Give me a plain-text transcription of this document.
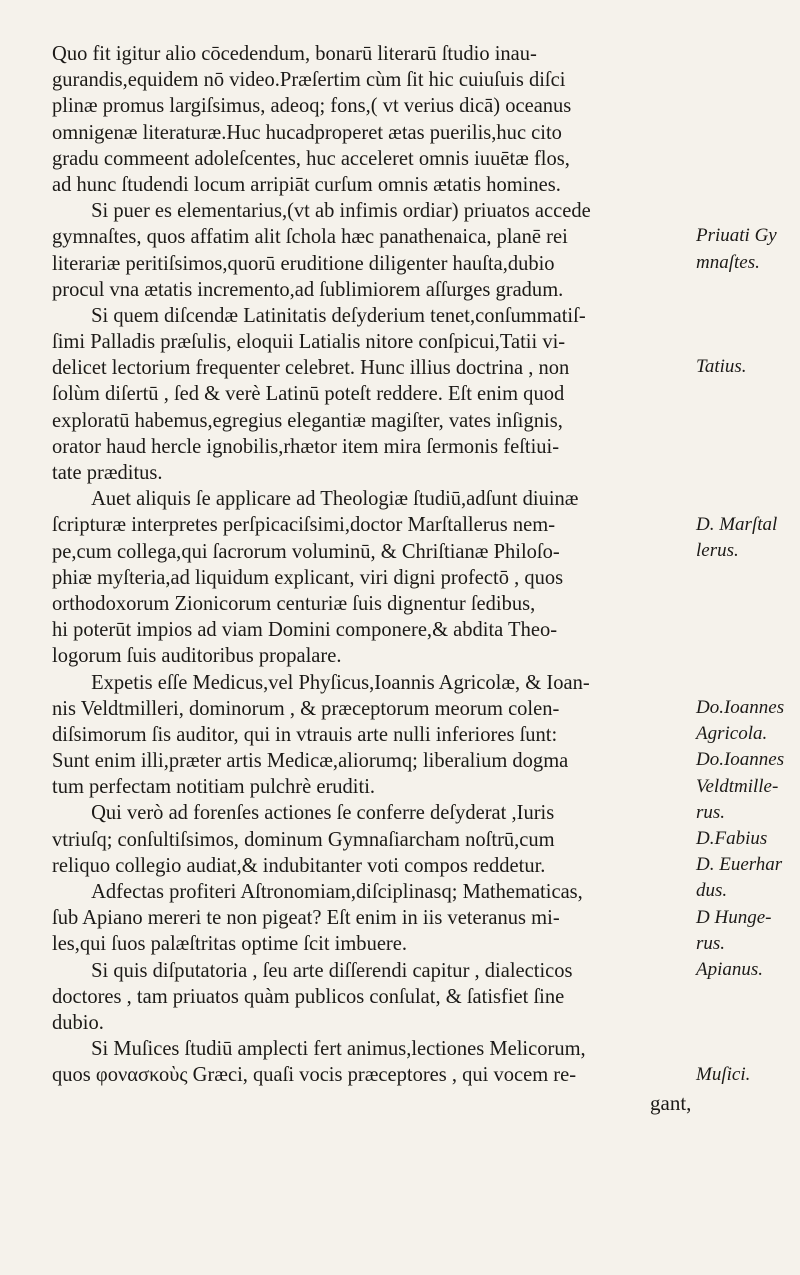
Quo fit igitur alio cōcedendum, bonarū literarū ſtudio inau-
gurandis,equidem nō video.Præſertim cùm ſit hic cuiuſuis diſci
plinæ promus largiſsimus, adeoq; fons,( vt verius dicā) oceanus
omnigenæ literaturæ.Huc hucadproperet ætas puerilis,huc cito
gradu commeent adoleſcentes, huc acceleret omnis iuuētæ flos,
ad hunc ſtudendi locum arripiāt curſum omnis ætatis homines.
Si puer es elementarius,(vt ab infimis ordiar) priuatos accede
gymnaſtes, quos affatim alit ſchola hæc panathenaica, planē rei
literariæ peritiſsimos,quorū eruditione diligenter hauſta,dubio
procul vna ætatis incremento,ad ſublimiorem aſſurges gradum.
Si quem diſcendæ Latinitatis deſyderium tenet,conſummatiſ-
ſimi Palladis præſulis, eloquii Latialis nitore conſpicui,Tatii vi-
delicet lectorium frequenter celebret. Hunc illius doctrina , non
ſolùm diſertū , ſed & verè Latinū poteſt reddere. Eſt enim quod
exploratū habemus,egregius elegantiæ magiſter, vates inſignis,
orator haud hercle ignobilis,rhætor item mira ſermonis feſtiui-
tate præditus.
Auet aliquis ſe applicare ad Theologiæ ſtudiū,adſunt diuinæ
ſcripturæ interpretes perſpicaciſsimi,doctor Marſtallerus nem-
pe,cum collega,qui ſacrorum voluminū, & Chriſtianæ Philoſo-
phiæ myſteria,ad liquidum explicant, viri digni profectō , quos
orthodoxorum Zionicorum centuriæ ſuis dignentur ſedibus,
hi poterūt impios ad viam Domini componere,& abdita Theo-
logorum ſuis auditoribus propalare.
Expetis eſſe Medicus,vel Phyſicus,Ioannis Agricolæ, & Ioan-
nis Veldtmilleri, dominorum , & præceptorum meorum colen-
diſsimorum ſis auditor, qui in vtrauis arte nulli inferiores ſunt:
Sunt enim illi,præter artis Medicæ,aliorumq; liberalium dogma
tum perfectam notitiam pulchrè eruditi.
Qui verò ad forenſes actiones ſe conferre deſyderat ,Iuris
vtriuſq; conſultiſsimos, dominum Gymnaſiarcham noſtrū,cum
reliquo collegio audiat,& indubitanter voti compos reddetur.
Adfectas profiteri Aſtronomiam,diſciplinasq; Mathematicas,
ſub Apiano mereri te non pigeat? Eſt enim in iis veteranus mi-
les,qui ſuos palæſtritas optime ſcit imbuere.
Si quis diſputatoria , ſeu arte diſſerendi capitur , dialecticos
doctores , tam priuatos quàm publicos conſulat, & ſatisfiet ſine
dubio.
Si Muſices ſtudiū amplecti fert animus,lectiones Melicorum,
quos φονασκοὺς Græci, quaſi vocis præceptores , qui vocem re-
Priuati Gy
mnaſtes.
Tatius.
D. Marſtal
lerus.
Do.Ioannes
Agricola.
Do.Ioannes
Veldtmille-
rus.
D.Fabius
D. Euerhar
dus.
D Hunge-
rus.
Apianus.
Muſici.
gant,
